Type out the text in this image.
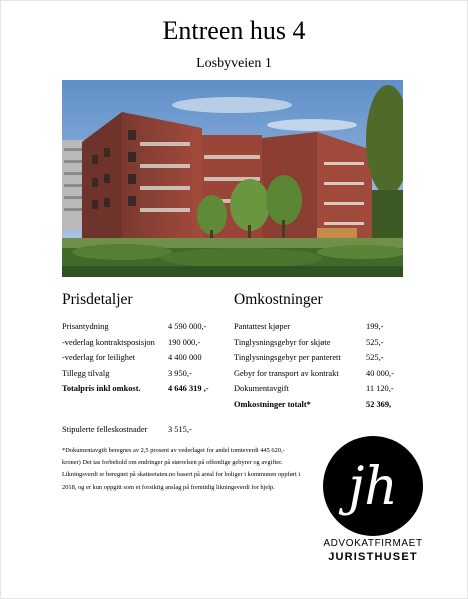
Entreen hus 4
Losbyveien 1
Prisdetaljer	Omkostninger
Prisantydning	4 590 000,-
-vederlag kontraktsposisjon 190 000,-
-vederlag for leilighet	4 400 000
Tillegg tilvalg	3 950,-
Totalpris inkl omkost.	4 646 319 ,-
Pantattest kjøper	199,-
Tinglysningsgebyr for skjøte	525,-
Tinglysningsgebyr per panterett	525,-
Gebyr for transport av kontrakt	40 000,-
Dokumentavgift	11 120,-
Omkostninger totalt*	52 369,
Stipulerte felleskostnader 3 515,-
*Dokumentavgift beregnes av 2,5 prosent av vederlaget for andel tomteverdi 445 620,- kroner) Det tas forbehold om endringer på størrelsen på offentlige gebyrer og avgifter. Likningsverdi er beregnet på skatteetaten.no basert på areal for boliger i kommunen oppført i 2018, og er kun oppgitt som et forsiktig anslag på fremtidig likningsverdi for hjelp.	jh
ADVOKATFIRMAET
JURISTHUSET
